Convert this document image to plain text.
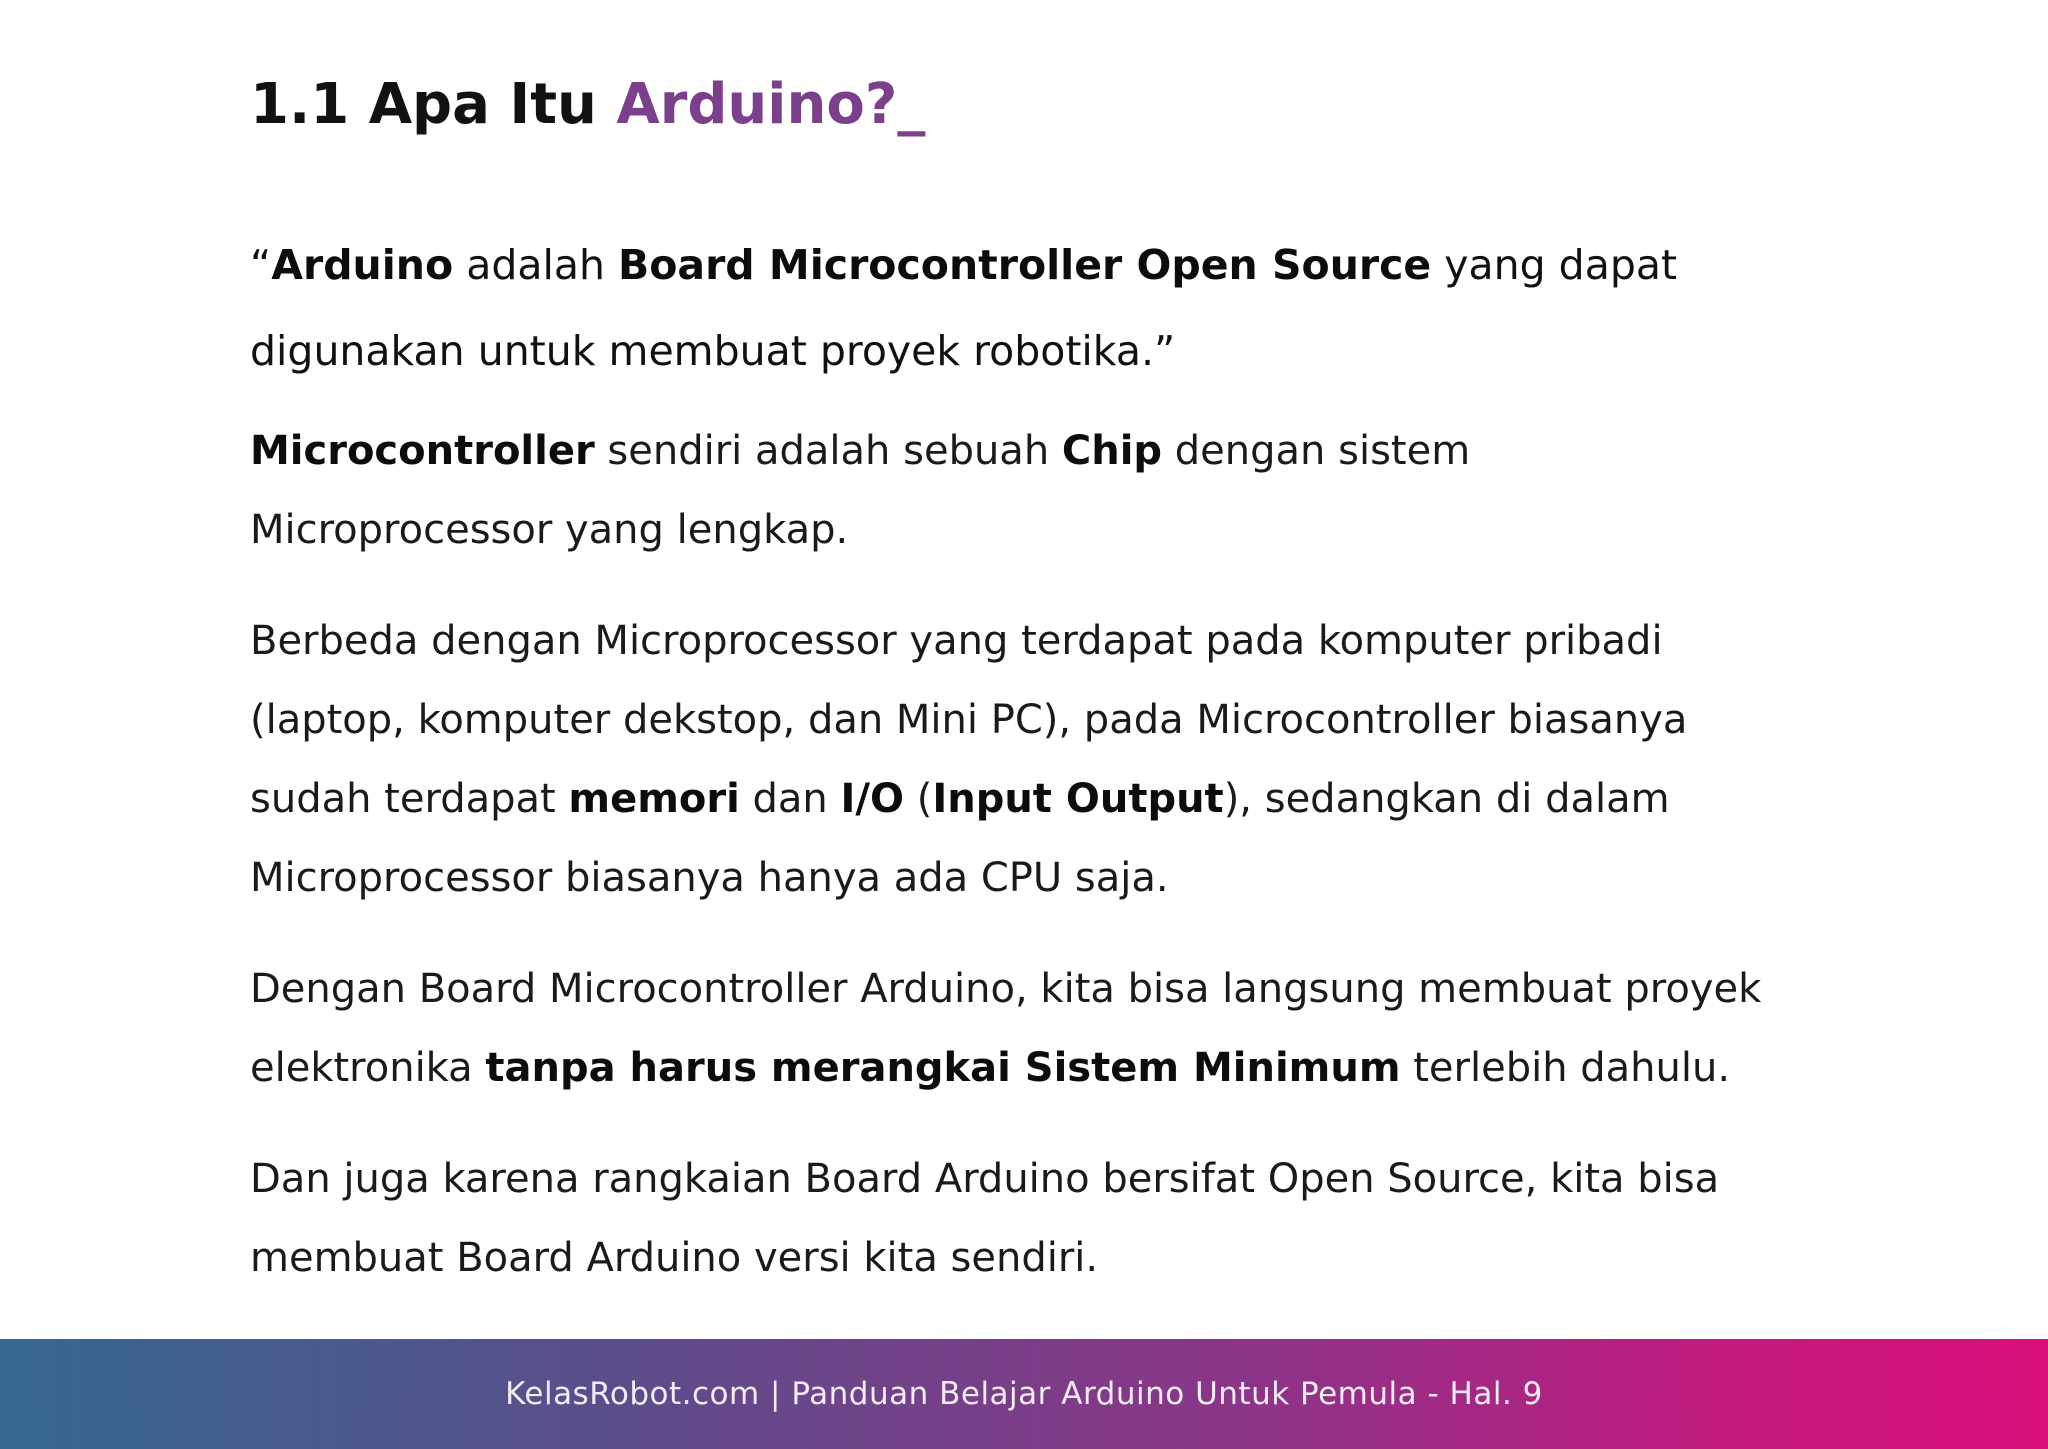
1.1 Apa Itu Arduino?_

“Arduino adalah Board Microcontroller Open Source yang dapat digunakan untuk membuat proyek robotika.”

Microcontroller sendiri adalah sebuah Chip dengan sistem Microprocessor yang lengkap.

Berbeda dengan Microprocessor yang terdapat pada komputer pribadi (laptop, komputer dekstop, dan Mini PC), pada Microcontroller biasanya sudah terdapat memori dan I/O (Input Output), sedangkan di dalam Microprocessor biasanya hanya ada CPU saja.

Dengan Board Microcontroller Arduino, kita bisa langsung membuat proyek elektronika tanpa harus merangkai Sistem Minimum terlebih dahulu.

Dan juga karena rangkaian Board Arduino bersifat Open Source, kita bisa membuat Board Arduino versi kita sendiri.

KelasRobot.com | Panduan Belajar Arduino Untuk Pemula - Hal. 9
